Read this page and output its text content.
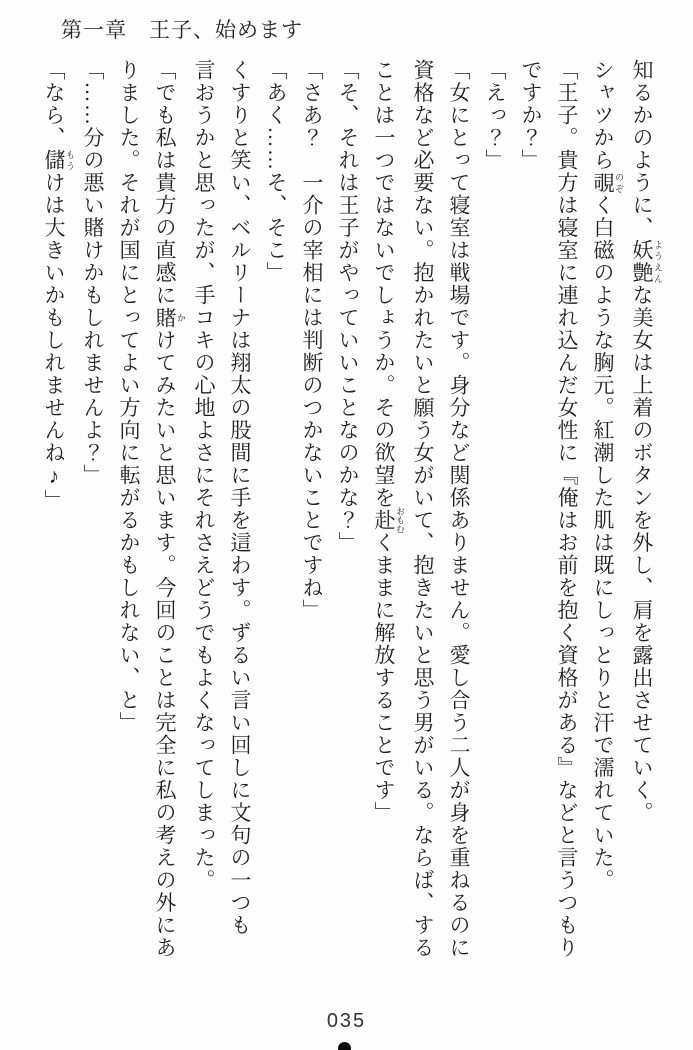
第一章　王子、始めます

知るかのように、妖艶 ようえんな美女は上着のボタンを外し、肩を露出させていく。

シャツから覗 のぞく白磁のような胸元。紅潮した肌は既にしっとりと汗で濡れていた。

「王子。貴方は寝室に連れ込んだ女性に『俺はお前を抱く資格がある』などと言うつもり

ですか？」

「えっ？」

「女にとって寝室は戦場です。身分など関係ありません。愛し合う二人が身を重ねるのに

資格など必要ない。抱かれたいと願う女がいて、抱きたいと思う男がいる。ならば、する

ことは一つではないでしょうか。その欲望を赴 おもむくままに解放することです」

「そ、それは王子がやっていいことなのかな？」

「さあ？　一介の宰相には判断のつかないことですね」

「あく……そ、そこ」

くすりと笑い、ベルリーナは翔太の股間に手を這わす。ずるい言い回しに文句の一つも

言おうかと思ったが、手コキの心地よさにそれさえどうでもよくなってしまった。

「でも私は貴方の直感に賭 かけてみたいと思います。今回のことは完全に私の考えの外にあ

りました。それが国にとってよい方向に転がるかもしれない、と」

「……分の悪い賭けかもしれませんよ？」

「なら、儲 もうけは大きいかもしれませんね♪」

035
